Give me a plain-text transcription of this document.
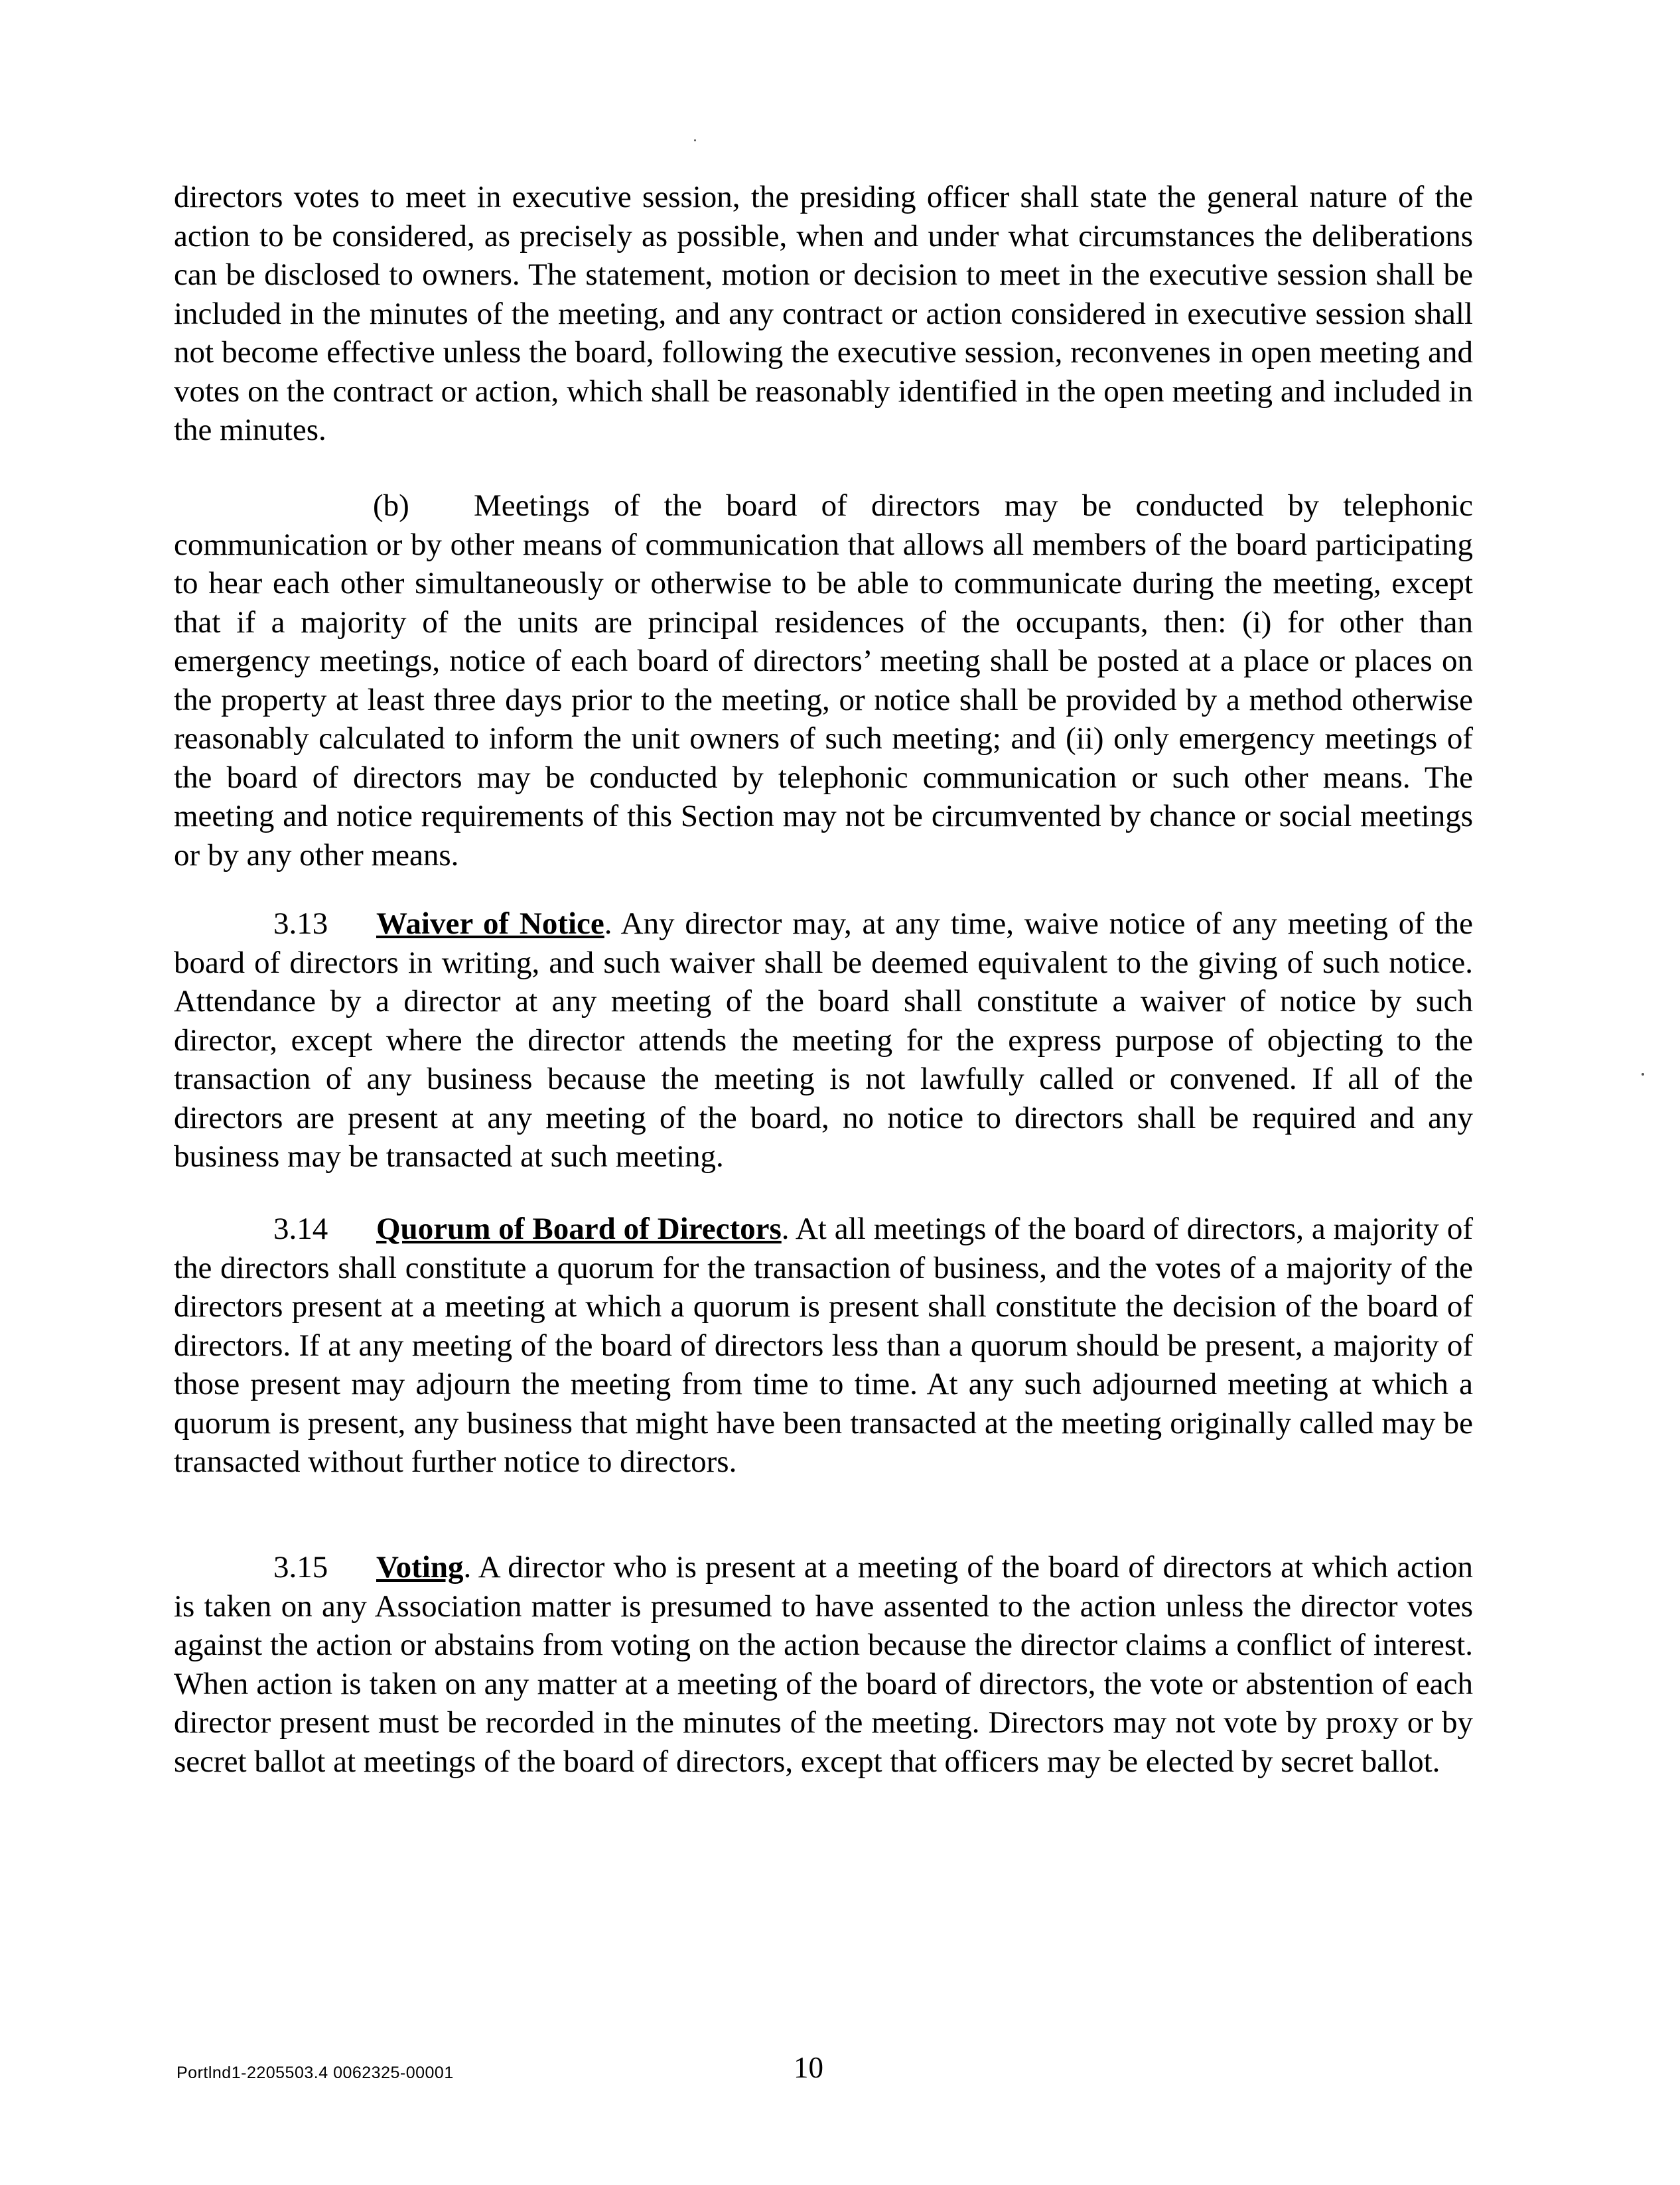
directors votes to meet in executive session, the presiding officer shall state the general nature of the action to be considered, as precisely as possible, when and under what circumstances the deliberations can be disclosed to owners. The statement, motion or decision to meet in the executive session shall be included in the minutes of the meeting, and any contract or action considered in executive session shall not become effective unless the board, following the executive session, reconvenes in open meeting and votes on the contract or action, which shall be reasonably identified in the open meeting and included in the minutes.

(b) Meetings of the board of directors may be conducted by telephonic communication or by other means of communication that allows all members of the board participating to hear each other simultaneously or otherwise to be able to communicate during the meeting, except that if a majority of the units are principal residences of the occupants, then: (i) for other than emergency meetings, notice of each board of directors’ meeting shall be posted at a place or places on the property at least three days prior to the meeting, or notice shall be provided by a method otherwise reasonably calculated to inform the unit owners of such meeting; and (ii) only emergency meetings of the board of directors may be conducted by telephonic communication or such other means. The meeting and notice requirements of this Section may not be circumvented by chance or social meetings or by any other means.

3.13 Waiver of Notice. Any director may, at any time, waive notice of any meeting of the board of directors in writing, and such waiver shall be deemed equivalent to the giving of such notice. Attendance by a director at any meeting of the board shall constitute a waiver of notice by such director, except where the director attends the meeting for the express purpose of objecting to the transaction of any business because the meeting is not lawfully called or convened. If all of the directors are present at any meeting of the board, no notice to directors shall be required and any business may be transacted at such meeting.

3.14 Quorum of Board of Directors. At all meetings of the board of directors, a majority of the directors shall constitute a quorum for the transaction of business, and the votes of a majority of the directors present at a meeting at which a quorum is present shall constitute the decision of the board of directors. If at any meeting of the board of directors less than a quorum should be present, a majority of those present may adjourn the meeting from time to time. At any such adjourned meeting at which a quorum is present, any business that might have been transacted at the meeting originally called may be transacted without further notice to directors.

3.15 Voting. A director who is present at a meeting of the board of directors at which action is taken on any Association matter is presumed to have assented to the action unless the director votes against the action or abstains from voting on the action because the director claims a conflict of interest. When action is taken on any matter at a meeting of the board of directors, the vote or abstention of each director present must be recorded in the minutes of the meeting. Directors may not vote by proxy or by secret ballot at meetings of the board of directors, except that officers may be elected by secret ballot.

Portlnd1-2205503.4 0062325-00001	10
